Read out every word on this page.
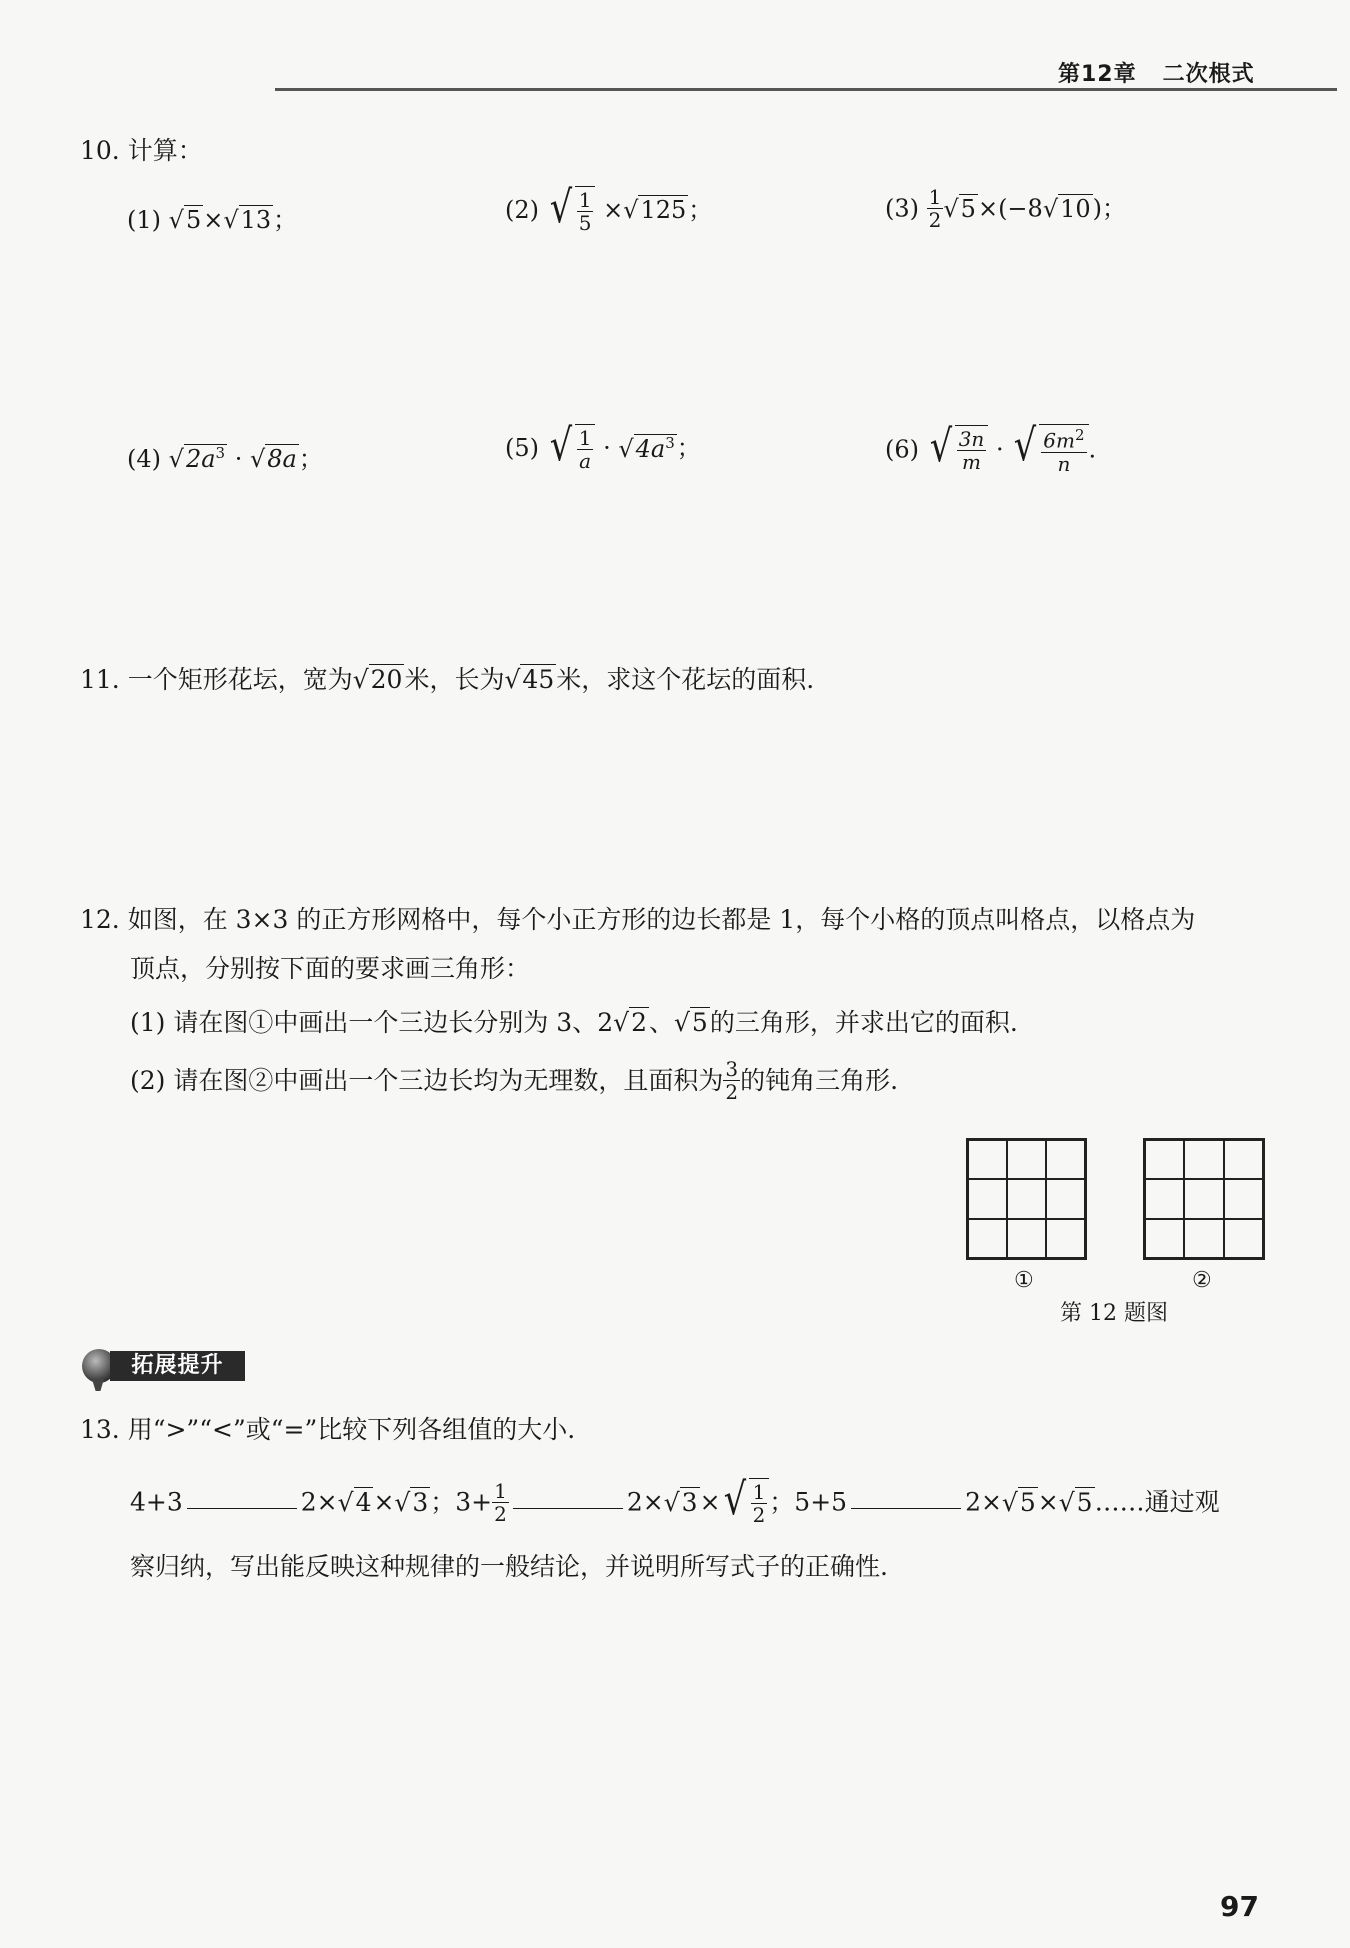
第12章 二次根式
10. 计算：
(1) √5×√13；	(2) √ $\frac{1}{5} \times√125$；	$(3) \frac{1}{2} √5\times(-8√10)$；
(4) $√2a^3 \cdot √8a$；	(5) √ $\frac{1}{a} \cdot √4a^3$；	(6) √ $\frac{3n}{m}$ · √ $\frac{6m^2}{n}$ .
11. 一个矩形花坛，宽为√20米，长为√45米，求这个花坛的面积.
12. 如图，在 3×3 的正方形网格中，每个小正方形的边长都是 1，每个小格的顶点叫格点，以格点为
顶点，分别按下面的要求画三角形：
(1) 请在图①中画出一个三边长分别为 3、2√2、√5的三角形，并求出它的面积.
(2) 请在图②中画出一个三边长均为无理数，且面积为 $\frac{3}{2}$ 的钝角三角形.
①	②
第 12 题图
拓展提升
13. 用“>”“<”或“=”比较下列各组值的大小.
4+3	2×√4×√3；$3+ \frac{1}{2}$	2×√3× √ $\frac{1}{2}$ ；5+5	2×√5×√5……通过观
察归纳，写出能反映这种规律的一般结论，并说明所写式子的正确性.
97
